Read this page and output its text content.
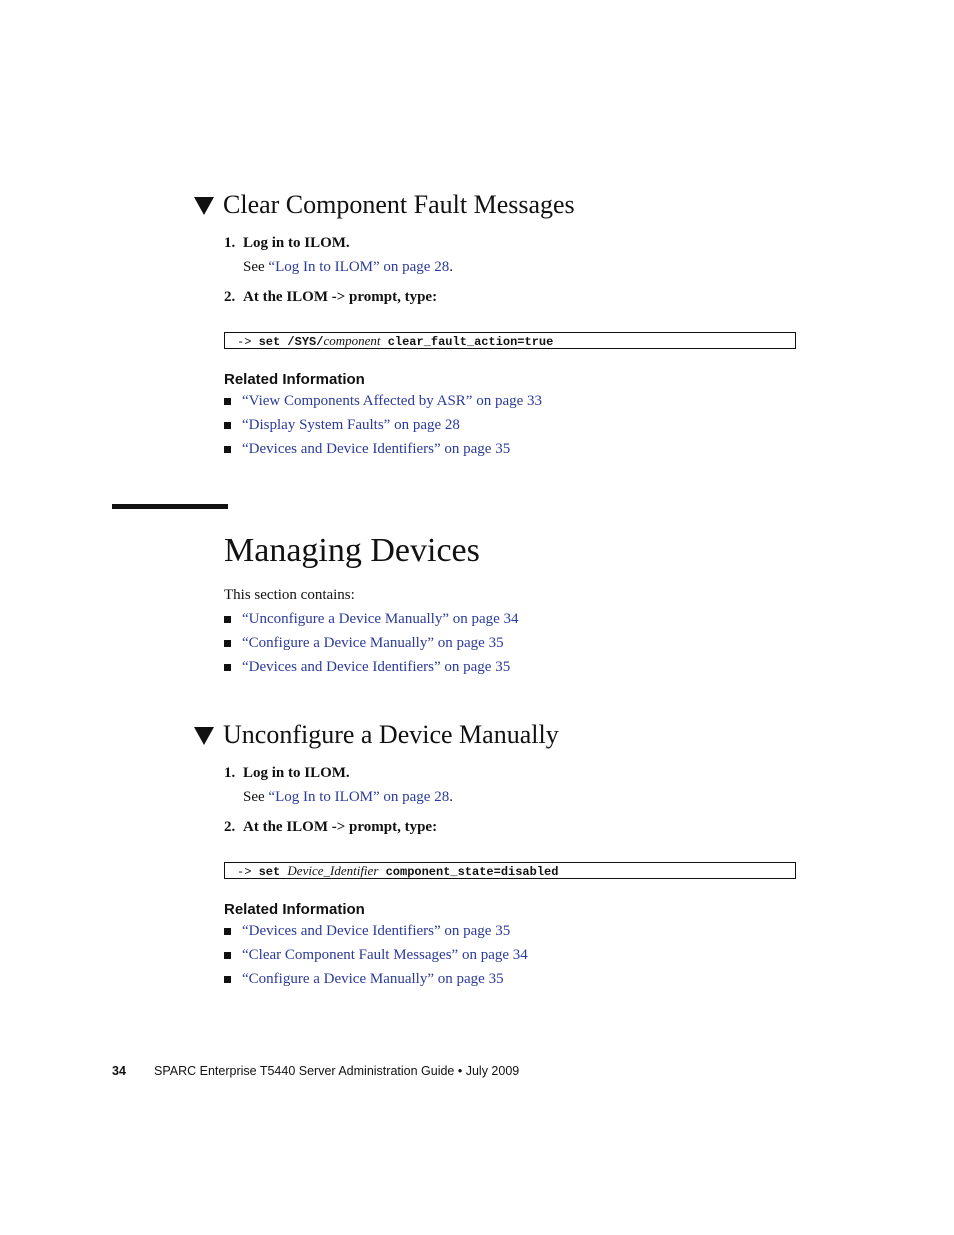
Clear Component Fault Messages
1. Log in to ILOM.
See “Log In to ILOM” on page 28.
2. At the ILOM -> prompt, type:
-> set /SYS/component clear_fault_action=true
Related Information
“View Components Affected by ASR” on page 33
“Display System Faults” on page 28
“Devices and Device Identifiers” on page 35
Managing Devices
This section contains:
“Unconfigure a Device Manually” on page 34
“Configure a Device Manually” on page 35
“Devices and Device Identifiers” on page 35
Unconfigure a Device Manually
1. Log in to ILOM.
See “Log In to ILOM” on page 28.
2. At the ILOM -> prompt, type:
-> set Device_Identifier component_state=disabled
Related Information
“Devices and Device Identifiers” on page 35
“Clear Component Fault Messages” on page 34
“Configure a Device Manually” on page 35
34 SPARC Enterprise T5440 Server Administration Guide • July 2009
